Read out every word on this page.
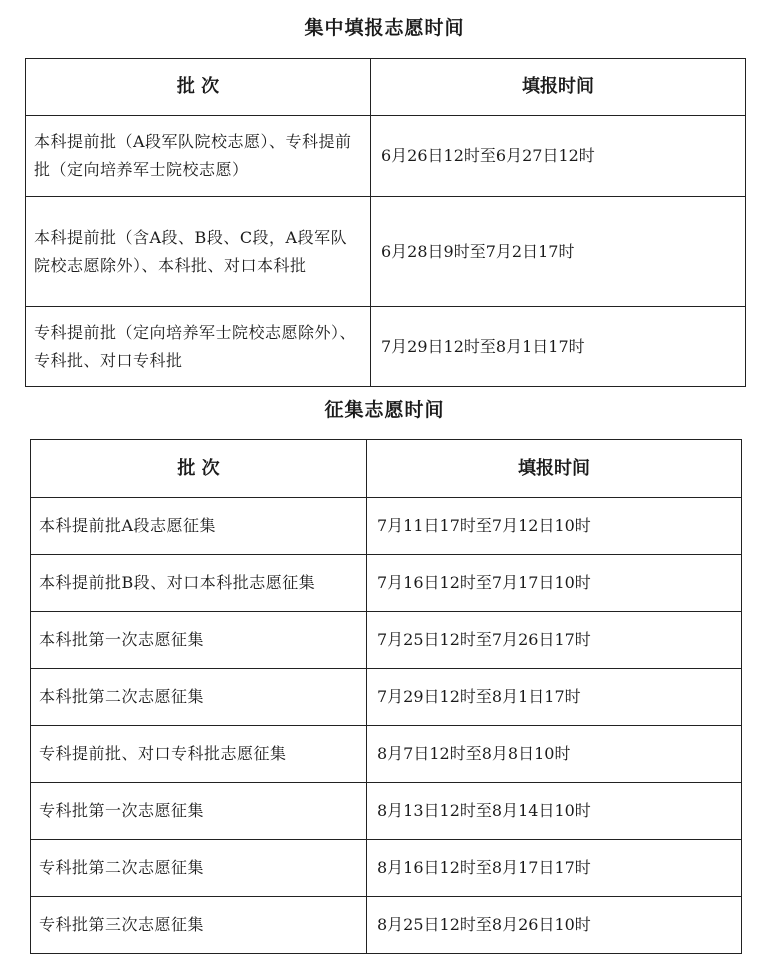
集中填报志愿时间
批 次	填报时间
本科提前批（A段军队院校志愿）、专科提前批（定向培养军士院校志愿）	6月26日12时至6月27日12时
本科提前批（含A段、B段、C段，A段军队院校志愿除外）、本科批、对口本科批	6月28日9时至7月2日17时
专科提前批（定向培养军士院校志愿除外）、专科批、对口专科批	7月29日12时至8月1日17时
征集志愿时间
批 次	填报时间
本科提前批A段志愿征集	7月11日17时至7月12日10时
本科提前批B段、对口本科批志愿征集	7月16日12时至7月17日10时
本科批第一次志愿征集	7月25日12时至7月26日17时
本科批第二次志愿征集	7月29日12时至8月1日17时
专科提前批、对口专科批志愿征集	8月7日12时至8月8日10时
专科批第一次志愿征集	8月13日12时至8月14日10时
专科批第二次志愿征集	8月16日12时至8月17日17时
专科批第三次志愿征集	8月25日12时至8月26日10时
